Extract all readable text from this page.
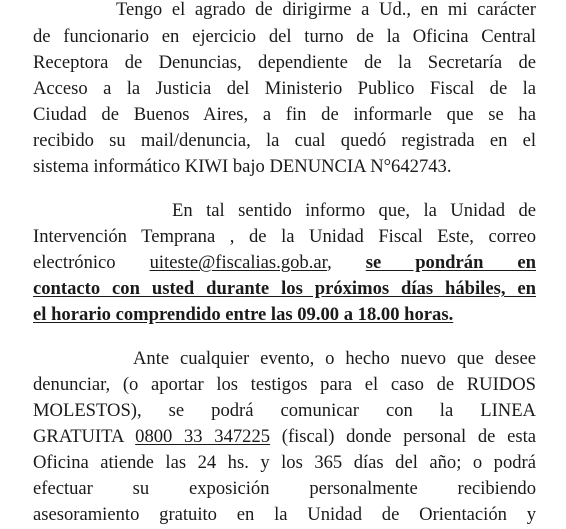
Tengo el agrado de dirigirme a Ud., en mi carácter
de funcionario en ejercicio del turno de la Oficina Central
Receptora de Denuncias, dependiente de la Secretaría de
Acceso a la Justicia del Ministerio Publico Fiscal de la
Ciudad de Buenos Aires, a fin de informarle que se ha
recibido su mail/denuncia, la cual quedó registrada en el
sistema informático KIWI bajo DENUNCIA N°642743.
En tal sentido informo que, la Unidad de
Intervención Temprana , de la Unidad Fiscal Este, correo
electrónico uiteste@fiscalias.gob.ar, se pondrán en
contacto con usted durante los próximos días hábiles, en
el horario comprendido entre las 09.00 a 18.00 horas.
Ante cualquier evento, o hecho nuevo que desee
denunciar, (o aportar los testigos para el caso de RUIDOS
MOLESTOS), se podrá comunicar con la LINEA
GRATUITA 0800 33 347225 (fiscal) donde personal de esta
Oficina atiende las 24 hs. y los 365 días del año; o podrá
efectuar su exposición personalmente recibiendo
asesoramiento gratuito en la Unidad de Orientación y
